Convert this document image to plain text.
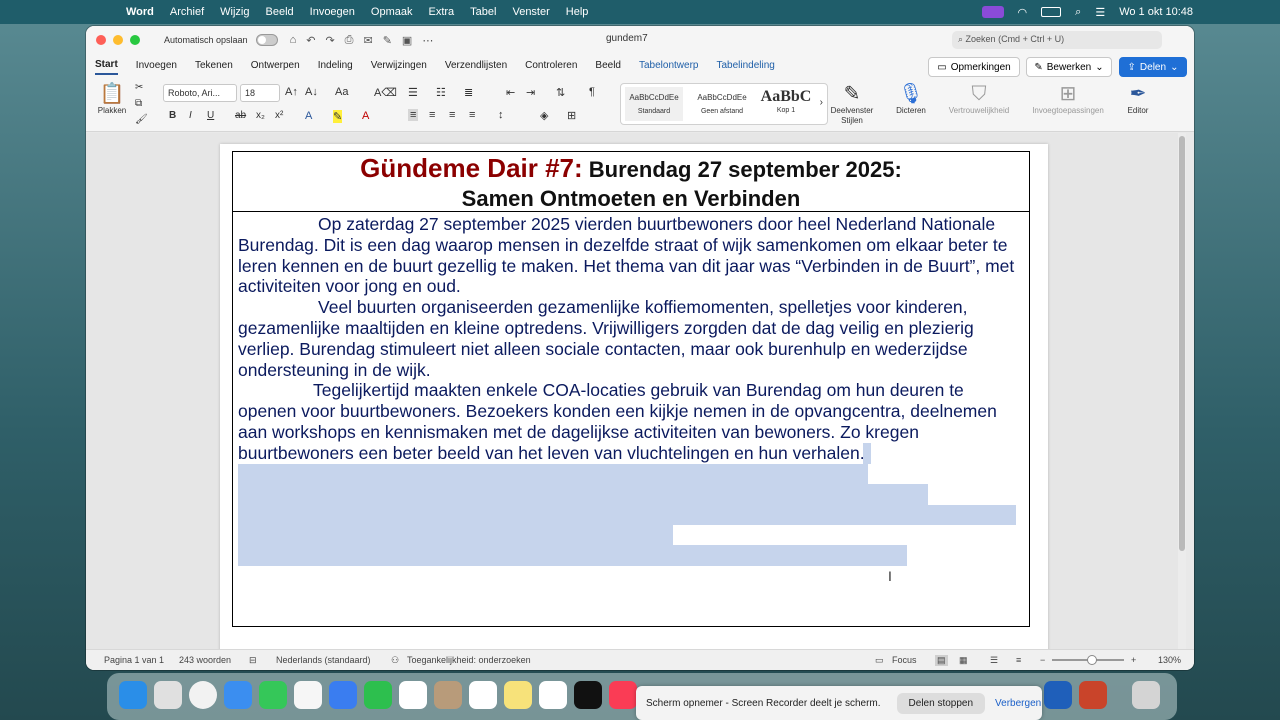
Word Archief Wijzig Beeld Invoegen Opmaak Extra Tabel Venster Help	◠	⌕ ☰ Wo 1 okt 10:48
Automatisch opslaan	⌂ ↶ ↷ ⎙ ✉ ✎ ▣ ⋯	gundem7	⌕ Zoeken (Cmd + Ctrl + U)
Start Invoegen Tekenen Ontwerpen Indeling Verwijzingen Verzendlijsten Controleren Beeld Tabelontwerp Tabelindeling	▭ Opmerkingen ✎ Bewerken ⌄ ⇪ Delen ⌄
📋
Plakken
✂
⧉
🖌
Roboto, Ari...	18	A↑ A↓ Aa A⌫
B I U ab x₂ x² A ✎ A
☰ ☷ ≣	⇤ ⇥ ⇅ ¶
≡ ≡ ≡ ≡ ↕	◈ ⊞
AaBbCcDdEe
Standaard
AaBbCcDdEe
Geen afstand
AaBbC
Kop 1
›	✎
Deelvenster Stijlen
🎙
Dicteren
⛉
Vertrouwelijkheid
⊞
Invoegtoepassingen
✒
Editor
Gündeme Dair #7: Burendag 27 september 2025:
Samen Ontmoeten en Verbinden

Op zaterdag 27 september 2025 vierden buurtbewoners door heel Nederland Nationale Burendag. Dit is een dag waarop mensen in dezelfde straat of wijk samenkomen om elkaar beter te leren kennen en de buurt gezellig te maken. Het thema van dit jaar was “Verbinden in de Buurt”, met activiteiten voor jong en oud.

Veel buurten organiseerden gezamenlijke koffiemomenten, spelletjes voor kinderen, gezamenlijke maaltijden en kleine optredens. Vrijwilligers zorgden dat de dag veilig en plezierig verliep. Burendag stimuleert niet alleen sociale contacten, maar ook burenhulp en wederzijdse ondersteuning in de wijk.

Tegelijkertijd maakten enkele COA-locaties gebruik van Burendag om hun deuren te openen voor buurtbewoners. Bezoekers konden een kijkje nemen in de opvangcentra, deelnemen aan workshops en kennismaken met de dagelijkse activiteiten van bewoners. Zo kregen buurtbewoners een beter beeld van het leven van vluchtelingen en hun verhalen.

I
Pagina 1 van 1 243 woorden ⊟ Nederlands (standaard) ⚇ Toegankelijkheid: onderzoeken	▭ Focus ▤ ▦ ☰ ≡ −	+ 130%
Scherm opnemer - Screen Recorder deelt je scherm.	Delen stoppen	Verbergen
